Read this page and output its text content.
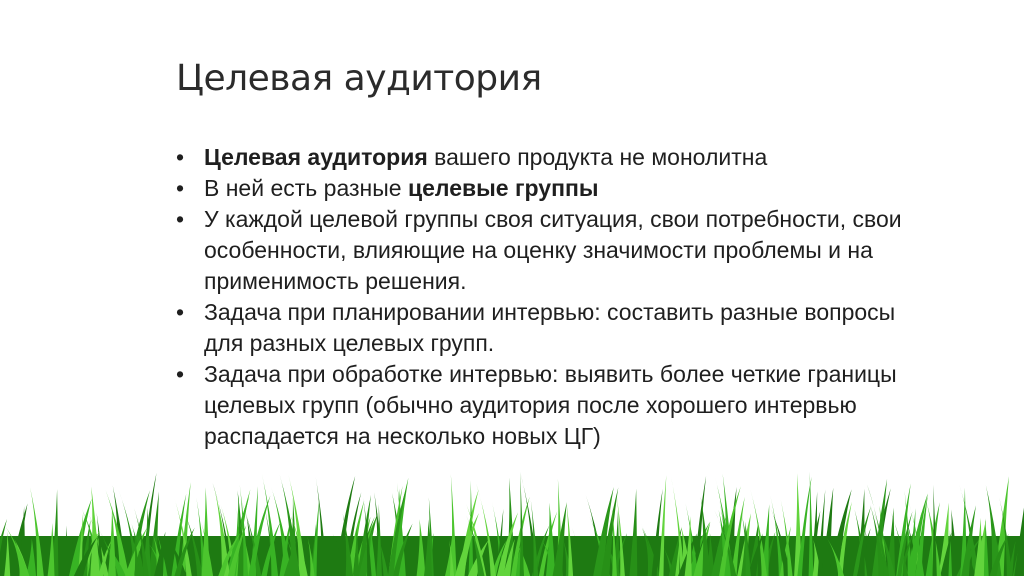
Целевая аудитория
• Целевая аудитория вашего продукта не монолитна
• В ней есть разные целевые группы
• У каждой целевой группы своя ситуация, свои потребности, свои особенности, влияющие на оценку значимости проблемы и на применимость решения.
• Задача при планировании интервью: составить разные вопросы для разных целевых групп.
• Задача при обработке интервью: выявить более четкие границы целевых групп (обычно аудитория после хорошего интервью распадается на несколько новых ЦГ)
